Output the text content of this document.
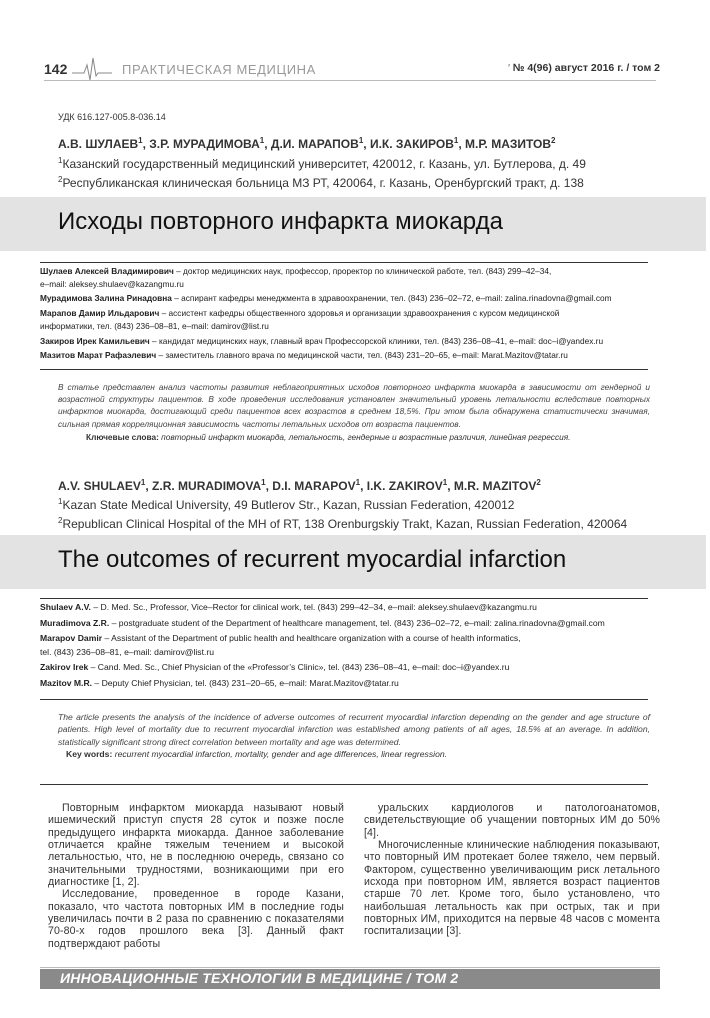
142	ПРАКТИЧЕСКАЯ МЕДИЦИНА	' № 4(96) август 2016 г. / том 2
УДК 616.127-005.8-036.14
А.В. ШУЛАЕВ$^1$, З.Р. МУРАДИМОВА$^1$, Д.И. МАРАПОВ$^1$, И.К. ЗАКИРОВ$^1$, М.Р. МАЗИТОВ$^2$
$^1$Казанский государственный медицинский университет, 420012, г. Казань, ул. Бутлерова, д. 49
$^2$Республиканская клиническая больница МЗ РТ, 420064, г. Казань, Оренбургский тракт, д. 138
Исходы повторного инфаркта миокарда
Шулаев Алексей Владимирович – доктор медицинских наук, профессор, проректор по клинической работе, тел. (843) 299–42–34,
e–mail: aleksey.shulaev@kazangmu.ru
Мурадимова Залина Ринадовна – аспирант кафедры менеджмента в здравоохранении, тел. (843) 236–02–72, e–mail: zalina.rinadovna@gmail.com
Марапов Дамир Ильдарович – ассистент кафедры общественного здоровья и организации здравоохранения с курсом медицинской
информатики, тел. (843) 236–08–81, e–mail: damirov@list.ru
Закиров Ирек Камильевич – кандидат медицинских наук, главный врач Профессорской клиники, тел. (843) 236–08–41, e–mail: doc–i@yandex.ru
Мазитов Марат Рафаэлевич – заместитель главного врача по медицинской части, тел. (843) 231–20–65, e–mail: Marat.Mazitov@tatar.ru
В статье представлен анализ частоты развития неблагоприятных исходов повторного инфаркта миокарда в зависимости от гендерной и возрастной структуры пациентов. В ходе проведения исследования установлен значительный уровень летальности вследствие повторных инфарктов миокарда, достигающий среди пациентов всех возрастов в среднем 18,5%. При этом была обнаружена статистически значимая, сильная прямая корреляционная зависимость частоты летальных исходов от возраста пациентов.
Ключевые слова: повторный инфаркт миокарда, летальность, гендерные и возрастные различия, линейная регрессия.
A.V. SHULAEV$^1$, Z.R. MURADIMOVA$^1$, D.I. MARAPOV$^1$, I.K. ZAKIROV$^1$, M.R. MAZITOV$^2$
$^1$Kazan State Medical University, 49 Butlerov Str., Kazan, Russian Federation, 420012
$^2$Republican Clinical Hospital of the MH of RT, 138 Orenburgskiy Trakt, Kazan, Russian Federation, 420064
The outcomes of recurrent myocardial infarction
Shulaev A.V. – D. Med. Sc., Professor, Vice–Rector for clinical work, tel. (843) 299–42–34, e–mail: aleksey.shulaev@kazangmu.ru
Muradimova Z.R. – postgraduate student of the Department of healthcare management, tel. (843) 236–02–72, e–mail: zalina.rinadovna@gmail.com
Marapov Damir – Assistant of the Department of public health and healthcare organization with a course of health informatics,
tel. (843) 236–08–81, e–mail: damirov@list.ru
Zakirov Irek – Cand. Med. Sc., Chief Physician of the «Professor’s Clinic», tel. (843) 236–08–41, e–mail: doc–i@yandex.ru
Mazitov M.R. – Deputy Chief Physician, tel. (843) 231–20–65, e–mail: Marat.Mazitov@tatar.ru
The article presents the analysis of the incidence of adverse outcomes of recurrent myocardial infarction depending on the gender and age structure of patients. High level of mortality due to recurrent myocardial infarction was established among patients of all ages, 18.5% at an average. In addition, statistically significant strong direct correlation between mortality and age was determined.
Key words: recurrent myocardial infarction, mortality, gender and age differences, linear regression.

Повторным инфарктом миокарда называют новый ишемический приступ спустя 28 суток и позже после предыдущего инфаркта миокарда. Данное заболевание отличается крайне тяжелым течением и высокой летальностью, что, не в последнюю очередь, связано со значительными трудностями, возникающими при его диагностике [1, 2].

Исследование, проведенное в городе Казани, показало, что частота повторных ИМ в последние годы увеличилась почти в 2 раза по сравнению с показателями 70-80-х годов прошлого века [3]. Данный факт подтверждают работы

уральских кардиологов и патологоанатомов, свидетельствующие об учащении повторных ИМ до 50% [4].

Многочисленные клинические наблюдения показывают, что повторный ИМ протекает более тяжело, чем первый. Фактором, существенно увеличивающим риск летального исхода при повторном ИМ, является возраст пациентов старше 70 лет. Кроме того, было установлено, что наибольшая летальность как при острых, так и при повторных ИМ, приходится на первые 48 часов с момента госпитализации [3].

ИННОВАЦИОННЫЕ ТЕХНОЛОГИИ В МЕДИЦИНЕ / ТОМ 2
